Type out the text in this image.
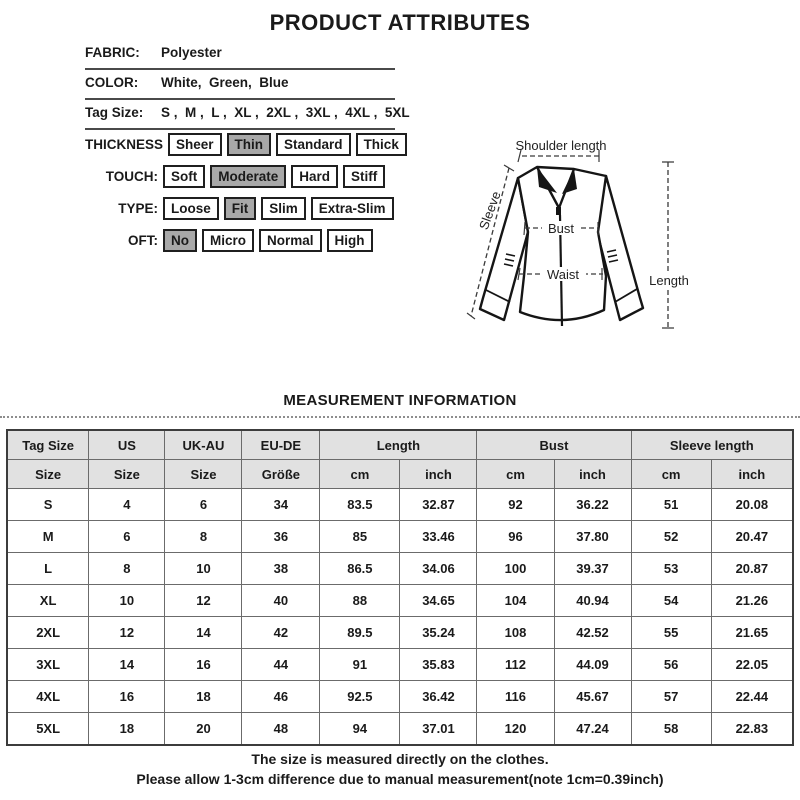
PRODUCT ATTRIBUTES
FABRIC:	Polyester
COLOR:	White,  Green,  Blue
Tag Size:	S ,  M ,  L ,  XL ,  2XL ,  3XL ,  4XL ,  5XL
THICKNESS Sheer	Thin	Standard	Thick
TOUCH: Soft	Moderate	Hard	Stiff
TYPE: Loose	Fit	Slim	Extra-Slim
OFT: No	Micro	Normal	High
Shoulder length
Sleeve	Bust
Waist	Length
MEASUREMENT INFORMATION
Tag Size	US	UK-AU	EU-DE	Length		Bust		Sleeve length	
Size	Size	Size	Größe	cm	inch	cm	inch	cm	inch
S	4	6	34	83.5	32.87	92	36.22	51	20.08
M	6	8	36	85	33.46	96	37.80	52	20.47
L	8	10	38	86.5	34.06	100	39.37	53	20.87
XL	10	12	40	88	34.65	104	40.94	54	21.26
2XL	12	14	42	89.5	35.24	108	42.52	55	21.65
3XL	14	16	44	91	35.83	112	44.09	56	22.05
4XL	16	18	46	92.5	36.42	116	45.67	57	22.44
5XL	18	20	48	94	37.01	120	47.24	58	22.83
The size is measured directly on the clothes.
Please allow 1-3cm difference due to manual measurement(note 1cm=0.39inch)
